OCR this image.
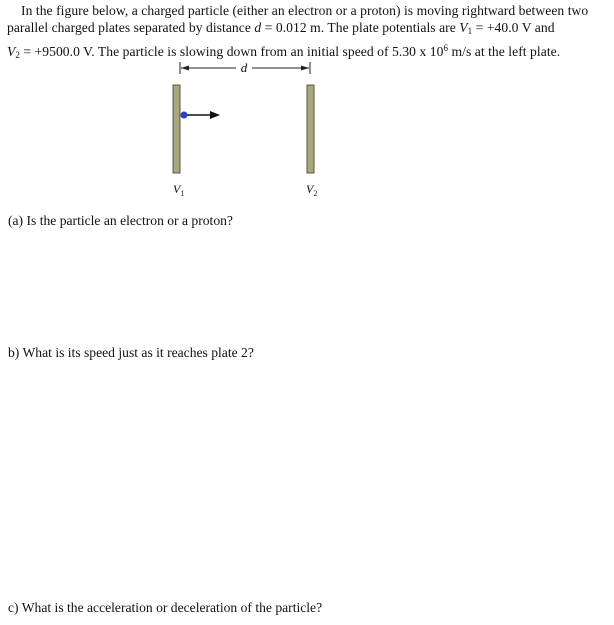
In the figure below, a charged particle (either an electron or a proton) is moving rightward between two
parallel charged plates separated by distance d = 0.012 m. The plate potentials are $V_1 = +40.0$ V and
$V_2 = +9500.0$ V. The particle is slowing down from an initial speed of 5.30 x $10^6$ m/s at the left plate.
d
$V_1$	$V_2$
(a) Is the particle an electron or a proton?
b) What is its speed just as it reaches plate 2?
c) What is the acceleration or deceleration of the particle?
